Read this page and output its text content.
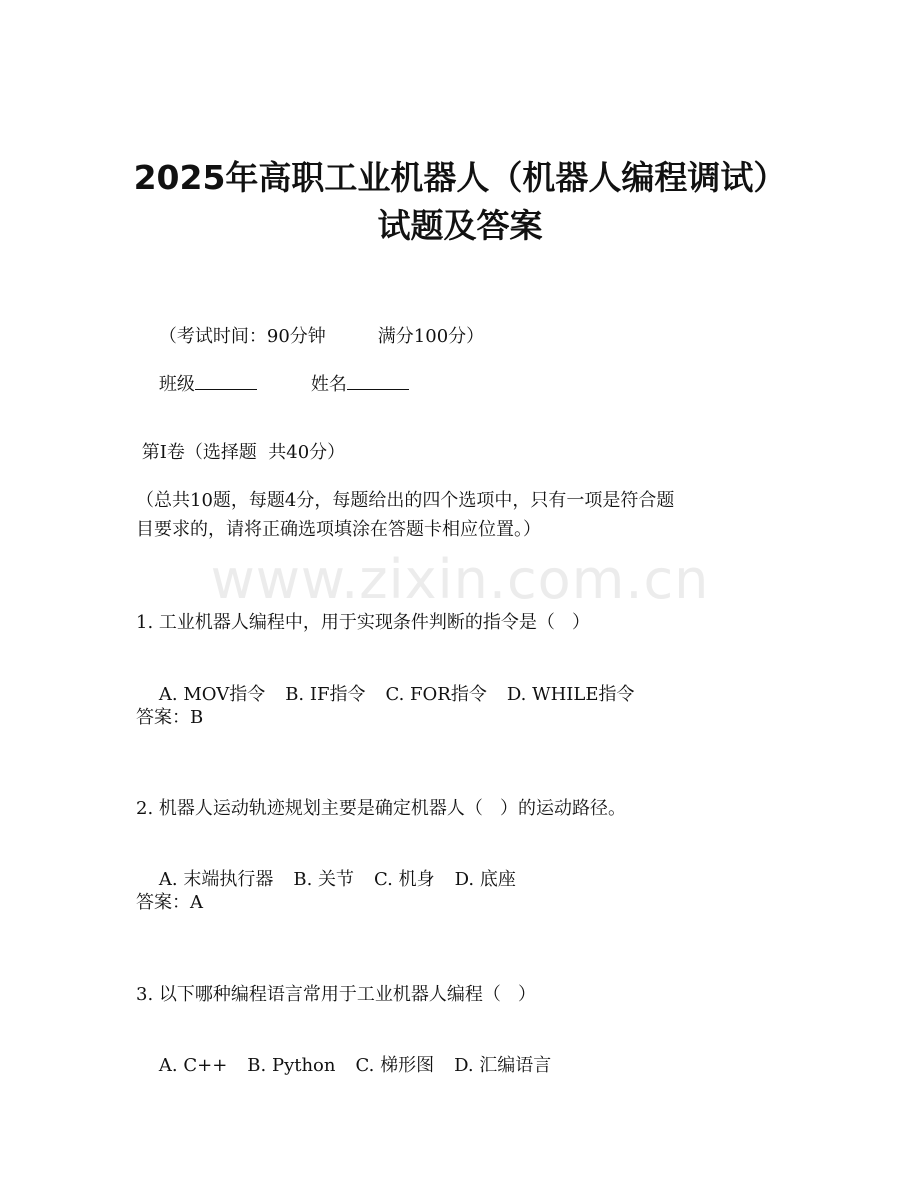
2025年高职工业机器人（机器人编程调试）
试题及答案

（考试时间：90分钟	满分100分）

班级	姓名

第Ⅰ卷（选择题  共40分）
（总共10题，每题4分，每题给出的四个选项中，只有一项是符合题
目要求的，请将正确选项填涂在答题卡相应位置。）
www.zixin.com.cn
1. 工业机器人编程中，用于实现条件判断的指令是（   ）

A. MOV指令 B. IF指令 C. FOR指令 D. WHILE指令

答案：B
2. 机器人运动轨迹规划主要是确定机器人（   ）的运动路径。

A. 末端执行器 B. 关节 C. 机身 D. 底座

答案：A
3. 以下哪种编程语言常用于工业机器人编程（   ）

A. C++ B. Python C. 梯形图 D. 汇编语言
